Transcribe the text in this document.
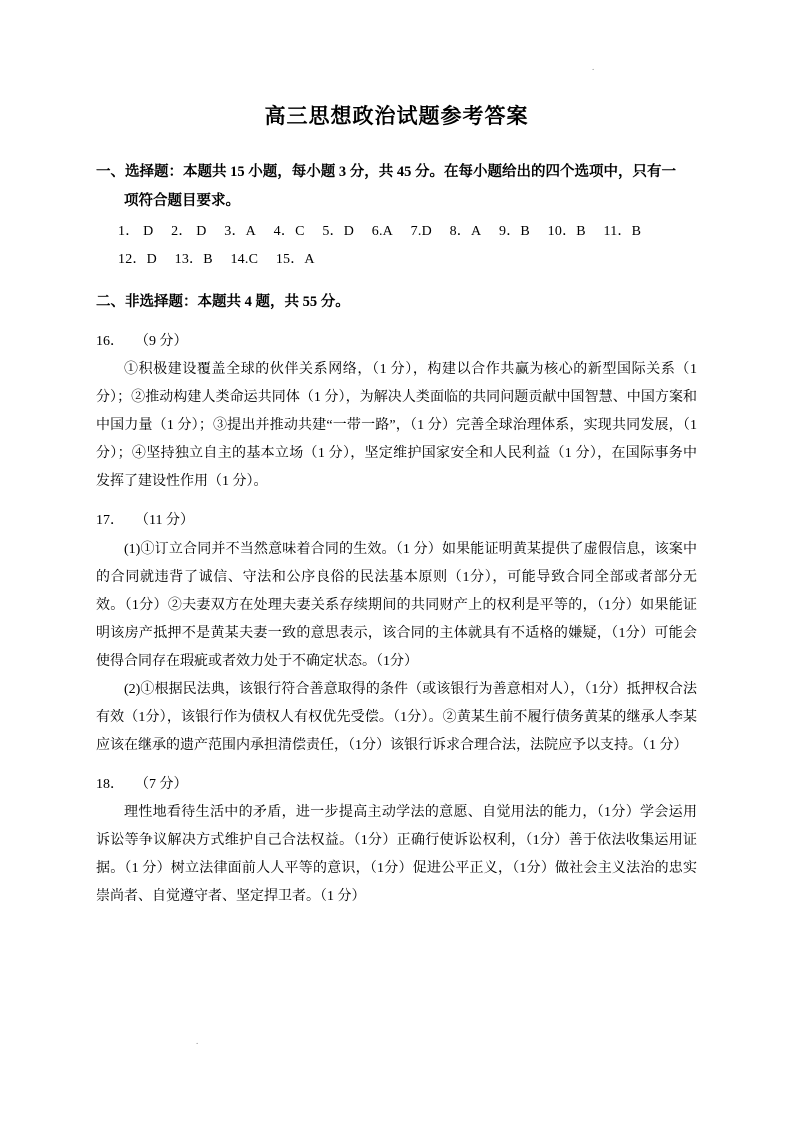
.
高三思想政治试题参考答案
一、选择题：本题共 15 小题，每小题 3 分，共 45 分。在每小题给出的四个选项中，只有一
项符合题目要求。
1． D 2． D 3．A 4．C 5．D 6.A 7.D 8．A 9．B 10．B 11．B
12．D 13．B 14.C 15．A
二、非选择题：本题共 4 题，共 55 分。
16． （9 分）

①积极建设覆盖全球的伙伴关系网络，（1 分），构建以合作共赢为核心的新型国际关系（1 分）；②推动构建人类命运共同体（1 分），为解决人类面临的共同问题贡献中国智慧、中国方案和中国力量（1 分）；③提出并推动共建“一带一路”，（1 分）完善全球治理体系，实现共同发展，（1 分）；④坚持独立自主的基本立场（1 分），坚定维护国家安全和人民利益（1 分），在国际事务中发挥了建设性作用（1 分）。

17． （11 分）

(1)①订立合同并不当然意味着合同的生效。（1 分）如果能证明黄某提供了虚假信息，该案中的合同就违背了诚信、守法和公序良俗的民法基本原则（1分），可能导致合同全部或者部分无效。（1分）②夫妻双方在处理夫妻关系存续期间的共同财产上的权利是平等的，（1分）如果能证明该房产抵押不是黄某夫妻一致的意思表示，该合同的主体就具有不适格的嫌疑，（1分）可能会使得合同存在瑕疵或者效力处于不确定状态。（1分）

(2)①根据民法典，该银行符合善意取得的条件（或该银行为善意相对人），（1分）抵押权合法有效（1分），该银行作为债权人有权优先受偿。（1分）。②黄某生前不履行债务黄某的继承人李某应该在继承的遗产范围内承担清偿责任，（1分）该银行诉求合理合法，法院应予以支持。（1 分）

18． （7 分）

理性地看待生活中的矛盾，进一步提高主动学法的意愿、自觉用法的能力，（1分）学会运用诉讼等争议解决方式维护自己合法权益。（1分）正确行使诉讼权利，（1分）善于依法收集运用证据。（1 分）树立法律面前人人平等的意识，（1分）促进公平正义，（1分）做社会主义法治的忠实崇尚者、自觉遵守者、坚定捍卫者。（1 分）

.
